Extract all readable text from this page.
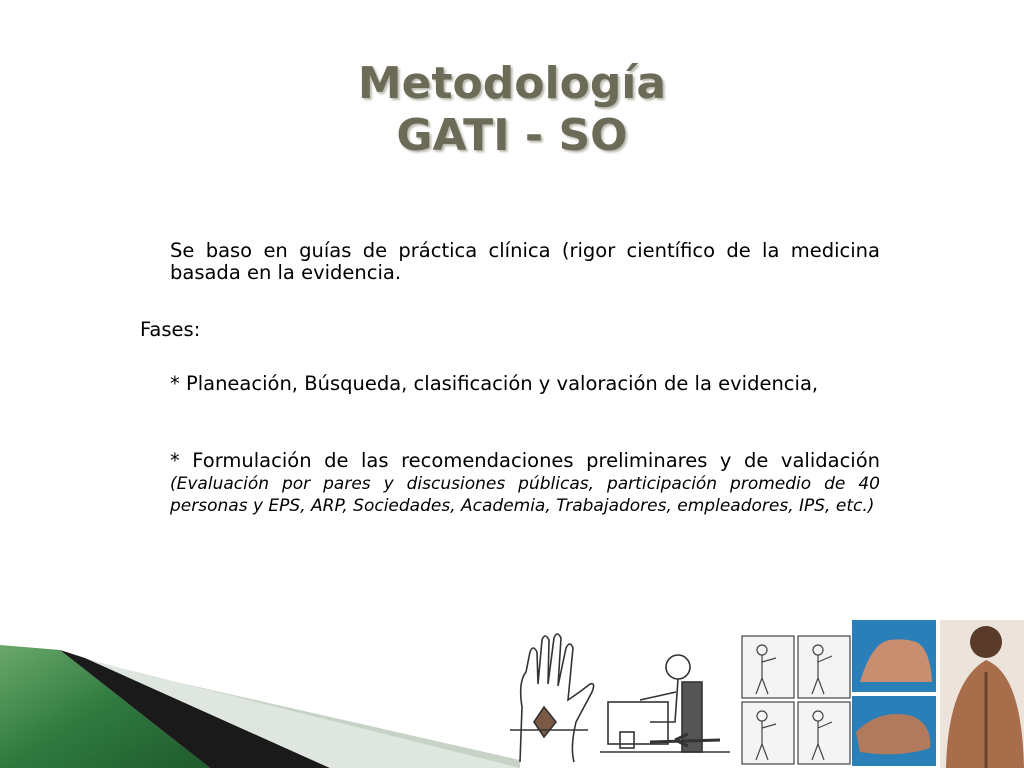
Metodología
GATI - SO
Se baso en guías de práctica clínica (rigor científico de la medicina basada en la evidencia.
Fases:
* Planeación, Búsqueda, clasificación y valoración de la evidencia,
* Formulación de las recomendaciones preliminares y de validación (Evaluación por pares y discusiones públicas, participación promedio de 40 personas y EPS, ARP, Sociedades, Academia, Trabajadores, empleadores, IPS, etc.)
